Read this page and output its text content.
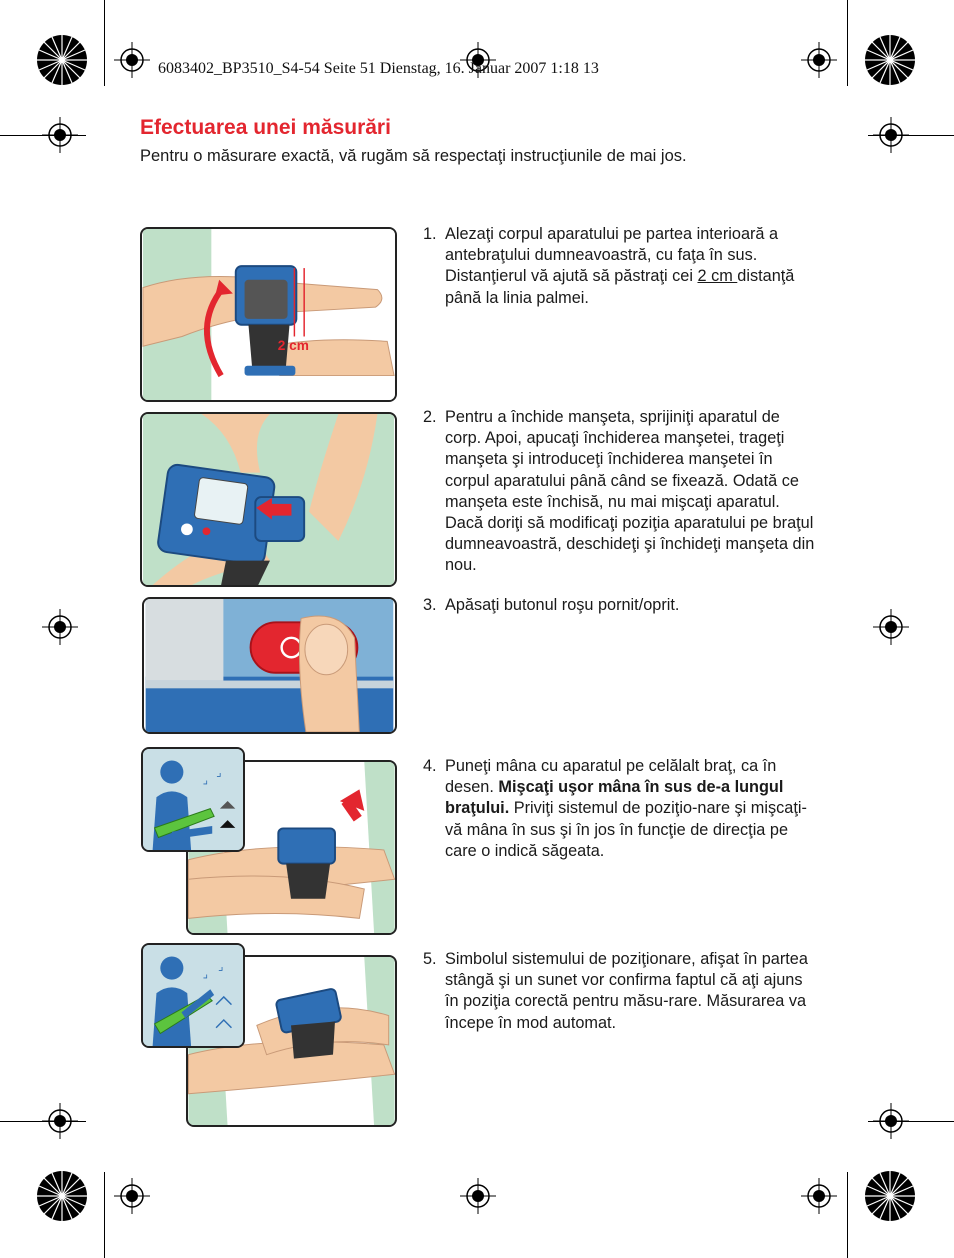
6083402_BP3510_S4-54 Seite 51 Dienstag, 16. Januar 2007 1:18 13
Efectuarea unei măsurări

Pentru o măsurare exactă, vă rugăm să respectaţi instrucţiunile de mai jos.

2 cm
1. Alezaţi corpul aparatului pe partea interioară a antebraţului dumneavoastră, cu faţa în sus. Distanţierul vă ajută să păstraţi cei 2 cm distanţă până la linia palmei.
2. Pentru a închide manşeta, sprijiniţi aparatul de corp. Apoi, apucaţi închiderea manşetei, trageţi manşeta şi introduceţi închiderea manşetei în corpul aparatului până când se fixează. Odată ce manşeta este închisă, nu mai mişcaţi aparatul. Dacă doriţi să modificaţi poziţia aparatului pe braţul dumneavoastră, deschideţi şi închideţi manşeta din nou.
3. Apăsaţi butonul roşu pornit/oprit.
⌟
⌟	4. Puneţi mâna cu aparatul pe celălalt braţ, ca în desen. Mişcaţi uşor mâna în sus de-a lungul braţului. Priviţi sistemul de poziţio-nare şi mişcaţi-vă mâna în sus şi în jos în funcţie de direcţia pe care o indică săgeata.
⌟
⌟	5. Simbolul sistemului de poziţionare, afişat în partea stângă şi un sunet vor confirma faptul că aţi ajuns în poziţia corectă pentru măsu-rare. Măsurarea va începe în mod automat.
